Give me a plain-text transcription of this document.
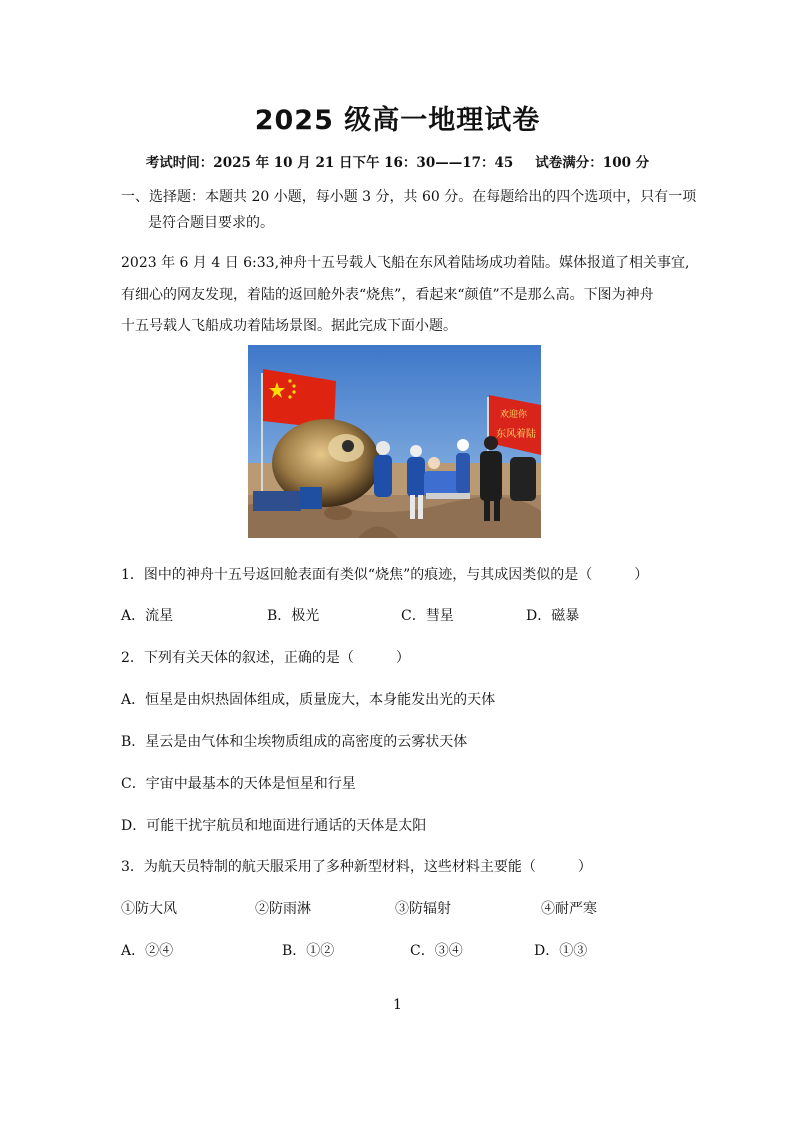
2025 级高一地理试卷
考试时间：2025 年 10 月 21 日下午 16：30——17：45 试卷满分：100 分
一、选择题：本题共 20 小题，每小题 3 分，共 60 分。在每题给出的四个选项中，只有一项
是符合题目要求的。
2023 年 6 月 4 日 6:33,神舟十五号载人飞船在东风着陆场成功着陆。媒体报道了相关事宜,
有细心的网友发现，着陆的返回舱外表“烧焦”，看起来“颜值”不是那么高。下图为神舟
十五号载人飞船成功着陆场景图。据此完成下面小题。
欢迎你
东风着陆
1．图中的神舟十五号返回舱表面有类似“烧焦”的痕迹，与其成因类似的是（　　　）
A．流星	B．极光	C．彗星	D．磁暴
2．下列有关天体的叙述，正确的是（　　　）
A．恒星是由炽热固体组成，质量庞大，本身能发出光的天体
B．星云是由气体和尘埃物质组成的高密度的云雾状天体
C．宇宙中最基本的天体是恒星和行星
D．可能干扰宇航员和地面进行通话的天体是太阳
3．为航天员特制的航天服采用了多种新型材料，这些材料主要能（　　　）
①防大风	②防雨淋	③防辐射	④耐严寒
A．②④	B．①②	C．③④	D．①③
1
